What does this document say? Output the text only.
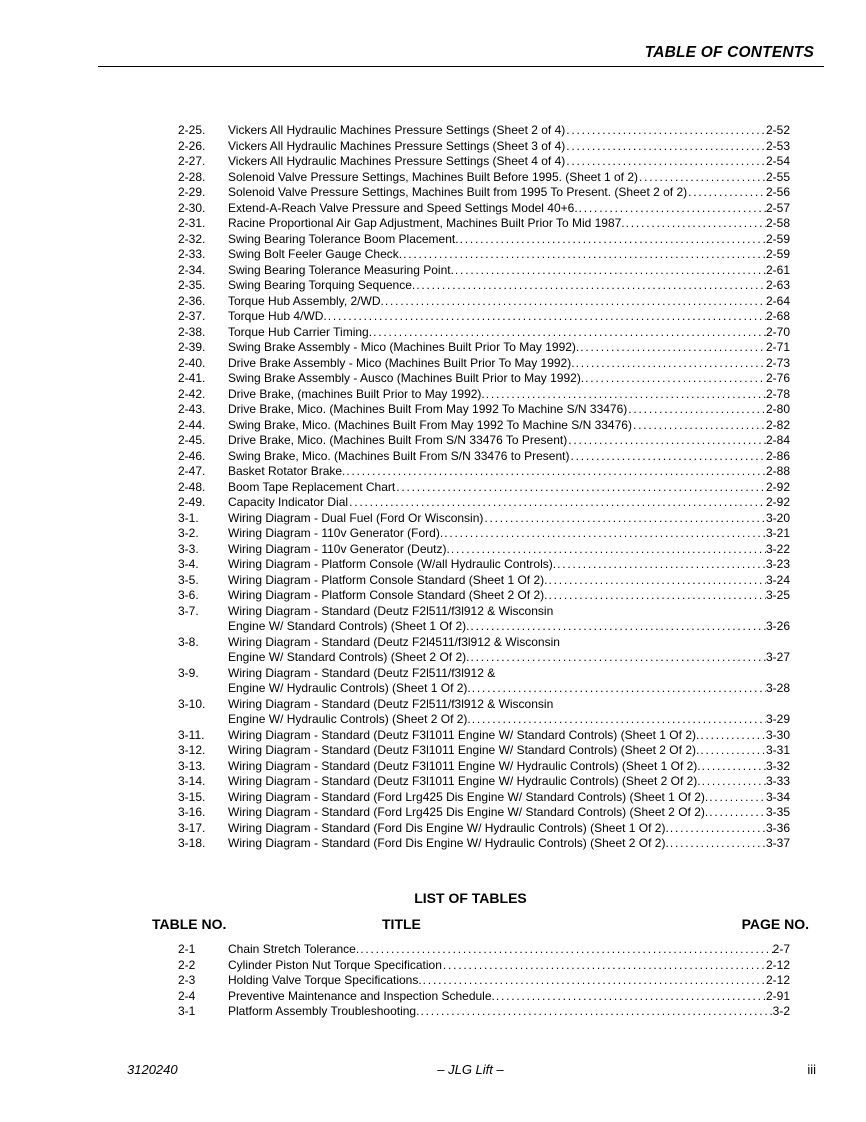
TABLE OF CONTENTS
2-25.	Vickers All Hydraulic Machines Pressure Settings (Sheet 2 of 4) .....	2-52
2-26.	Vickers All Hydraulic Machines Pressure Settings (Sheet 3 of 4) .....	2-53
2-27.	Vickers All Hydraulic Machines Pressure Settings (Sheet 4 of 4) .....	2-54
2-28.	Solenoid Valve Pressure Settings, Machines Built Before 1995. (Sheet 1 of 2) .....	2-55
2-29.	Solenoid Valve Pressure Settings, Machines Built from 1995 To Present. (Sheet 2 of 2) .....	2-56
2-30.	Extend-A-Reach Valve Pressure and Speed Settings Model 40+6. .....	2-57
2-31.	Racine Proportional Air Gap Adjustment, Machines Built Prior To Mid 1987. .....	2-58
2-32.	Swing Bearing Tolerance Boom Placement. .....	2-59
2-33.	Swing Bolt Feeler Gauge Check. .....	2-59
2-34.	Swing Bearing Tolerance Measuring Point. .....	2-61
2-35.	Swing Bearing Torquing Sequence. .....	2-63
2-36.	Torque Hub Assembly, 2/WD. .....	2-64
2-37.	Torque Hub 4/WD. .....	2-68
2-38.	Torque Hub Carrier Timing. .....	2-70
2-39.	Swing Brake Assembly - Mico (Machines Built Prior To May 1992). .....	2-71
2-40.	Drive Brake Assembly - Mico (Machines Built Prior To May 1992). .....	2-73
2-41.	Swing Brake Assembly - Ausco (Machines Built Prior to May 1992). .....	2-76
2-42.	Drive Brake, (machines Built Prior to May 1992). .....	2-78
2-43.	Drive Brake, Mico. (Machines Built From May 1992 To Machine S/N 33476) .....	2-80
2-44.	Swing Brake, Mico. (Machines Built From May 1992 To Machine S/N 33476) .....	2-82
2-45.	Drive Brake, Mico. (Machines Built From S/N 33476 To Present) .....	2-84
2-46.	Swing Brake, Mico. (Machines Built From S/N 33476 to Present) .....	2-86
2-47.	Basket Rotator Brake. .....	2-88
2-48.	Boom Tape Replacement Chart .....	2-92
2-49.	Capacity Indicator Dial .....	2-92
3-1.	Wiring Diagram - Dual Fuel (Ford Or Wisconsin) .....	3-20
3-2.	Wiring Diagram - 110v Generator (Ford). .....	3-21
3-3.	Wiring Diagram - 110v Generator (Deutz). .....	3-22
3-4.	Wiring Diagram - Platform Console (W/all Hydraulic Controls). .....	3-23
3-5.	Wiring Diagram - Platform Console Standard (Sheet 1 Of 2). .....	3-24
3-6.	Wiring Diagram - Platform Console Standard (Sheet 2 Of 2). .....	3-25
3-7.	Wiring Diagram - Standard (Deutz F2l511/f3l912 & Wisconsin
Engine W/ Standard Controls) (Sheet 1 Of 2). .....	3-26
3-8.	Wiring Diagram - Standard (Deutz F2l4511/f3l912 & Wisconsin
Engine W/ Standard Controls) (Sheet 2 Of 2). .....	3-27
3-9.	Wiring Diagram - Standard (Deutz F2l511/f3l912 &
Engine W/ Hydraulic Controls) (Sheet 1 Of 2). .....	3-28
3-10.	Wiring Diagram - Standard (Deutz F2l511/f3l912 & Wisconsin
Engine W/ Hydraulic Controls) (Sheet 2 Of 2). .....	3-29
3-11.	Wiring Diagram - Standard (Deutz F3l1011 Engine W/ Standard Controls) (Sheet 1 Of 2). .....	3-30
3-12.	Wiring Diagram - Standard (Deutz F3l1011 Engine W/ Standard Controls) (Sheet 2 Of 2). .....	3-31
3-13.	Wiring Diagram - Standard (Deutz F3l1011 Engine W/ Hydraulic Controls) (Sheet 1 Of 2). .....	3-32
3-14.	Wiring Diagram - Standard (Deutz F3l1011 Engine W/ Hydraulic Controls) (Sheet 2 Of 2). .....	3-33
3-15.	Wiring Diagram - Standard (Ford Lrg425 Dis Engine W/ Standard Controls) (Sheet 1 Of 2). .....	3-34
3-16.	Wiring Diagram - Standard (Ford Lrg425 Dis Engine W/ Standard Controls) (Sheet 2 Of 2). .....	3-35
3-17.	Wiring Diagram - Standard (Ford Dis Engine W/ Hydraulic Controls) (Sheet 1 Of 2). .....	3-36
3-18.	Wiring Diagram - Standard (Ford Dis Engine W/ Hydraulic Controls) (Sheet 2 Of 2). .....	3-37
LIST OF TABLES
TABLE NO.	TITLE	PAGE NO.
2-1	Chain Stretch Tolerance. .....	2-7
2-2	Cylinder Piston Nut Torque Specification .....	2-12
2-3	Holding Valve Torque Specifications. .....	2-12
2-4	Preventive Maintenance and Inspection Schedule. .....	2-91
3-1	Platform Assembly Troubleshooting. .....	3-2
3120240	– JLG Lift –	iii
